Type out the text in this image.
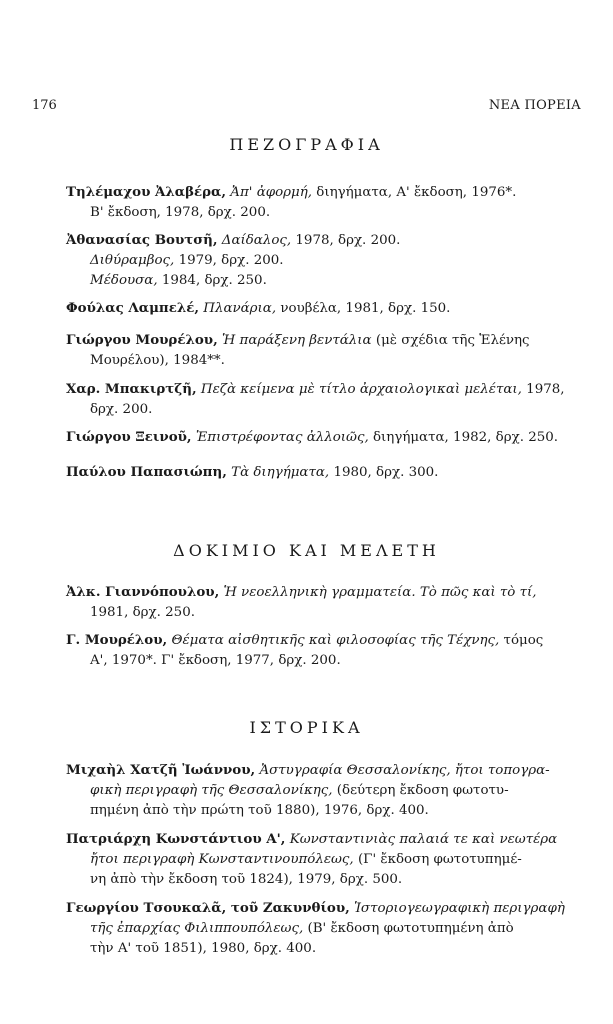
176	ΝΕΑ ΠΟΡΕΙΑ
ΠΕΖΟΓΡΑΦΙΑ
Τηλέμαχου Ἀλαβέρα, Ἀπ' ἀφορμή, διηγήματα, Α' ἔκδοση, 1976*.
Β' ἔκδοση, 1978, δρχ. 200.
Ἀθανασίας Βουτσῆ, Δαίδαλος, 1978, δρχ. 200.
Διθύραμβος, 1979, δρχ. 200.
Μέδουσα, 1984, δρχ. 250.
Φούλας Λαμπελέ, Πλανάρια, νουβέλα, 1981, δρχ. 150.
Γιώργου Μουρέλου, Ἡ παράξενη βεντάλια (μὲ σχέδια τῆς Ἑλένης
Μουρέλου), 1984**.
Χαρ. Μπακιρτζῆ, Πεζὰ κείμενα μὲ τίτλο ἀρχαιολογικαὶ μελέται, 1978,
δρχ. 200.
Γιώργου Ξεινοῦ, Ἐπιστρέφοντας ἀλλοιῶς, διηγήματα, 1982, δρχ. 250.
Παύλου Παπασιώπη, Τὰ διηγήματα, 1980, δρχ. 300.
ΔΟΚΙΜΙΟ ΚΑΙ ΜΕΛΕΤΗ
Ἀλκ. Γιαννόπουλου, Ἡ νεοελληνικὴ γραμματεία. Τὸ πῶς καὶ τὸ τί,
1981, δρχ. 250.
Γ. Μουρέλου, Θέματα αἰσθητικῆς καὶ φιλοσοφίας τῆς Τέχνης, τόμος
Α', 1970*. Γ' ἔκδοση, 1977, δρχ. 200.
ΙΣΤΟΡΙΚΑ
Μιχαὴλ Χατζῆ Ἰωάννου, Ἀστυγραφία Θεσσαλονίκης, ἤτοι τοπογρα-
φικὴ περιγραφὴ τῆς Θεσσαλονίκης, (δεύτερη ἔκδοση φωτοτυ-
πημένη ἀπὸ τὴν πρώτη τοῦ 1880), 1976, δρχ. 400.
Πατριάρχη Κωνστάντιου Α', Κωνσταντινιὰς παλαιά τε καὶ νεωτέρα
ἤτοι περιγραφὴ Κωνσταντινουπόλεως, (Γ' ἔκδοση φωτοτυπημέ-
νη ἀπὸ τὴν ἔκδοση τοῦ 1824), 1979, δρχ. 500.
Γεωργίου Τσουκαλᾶ, τοῦ Ζακυνθίου, Ἱστοριογεωγραφικὴ περιγραφὴ
τῆς ἐπαρχίας Φιλιππουπόλεως, (Β' ἔκδοση φωτοτυπημένη ἀπὸ
τὴν Α' τοῦ 1851), 1980, δρχ. 400.
